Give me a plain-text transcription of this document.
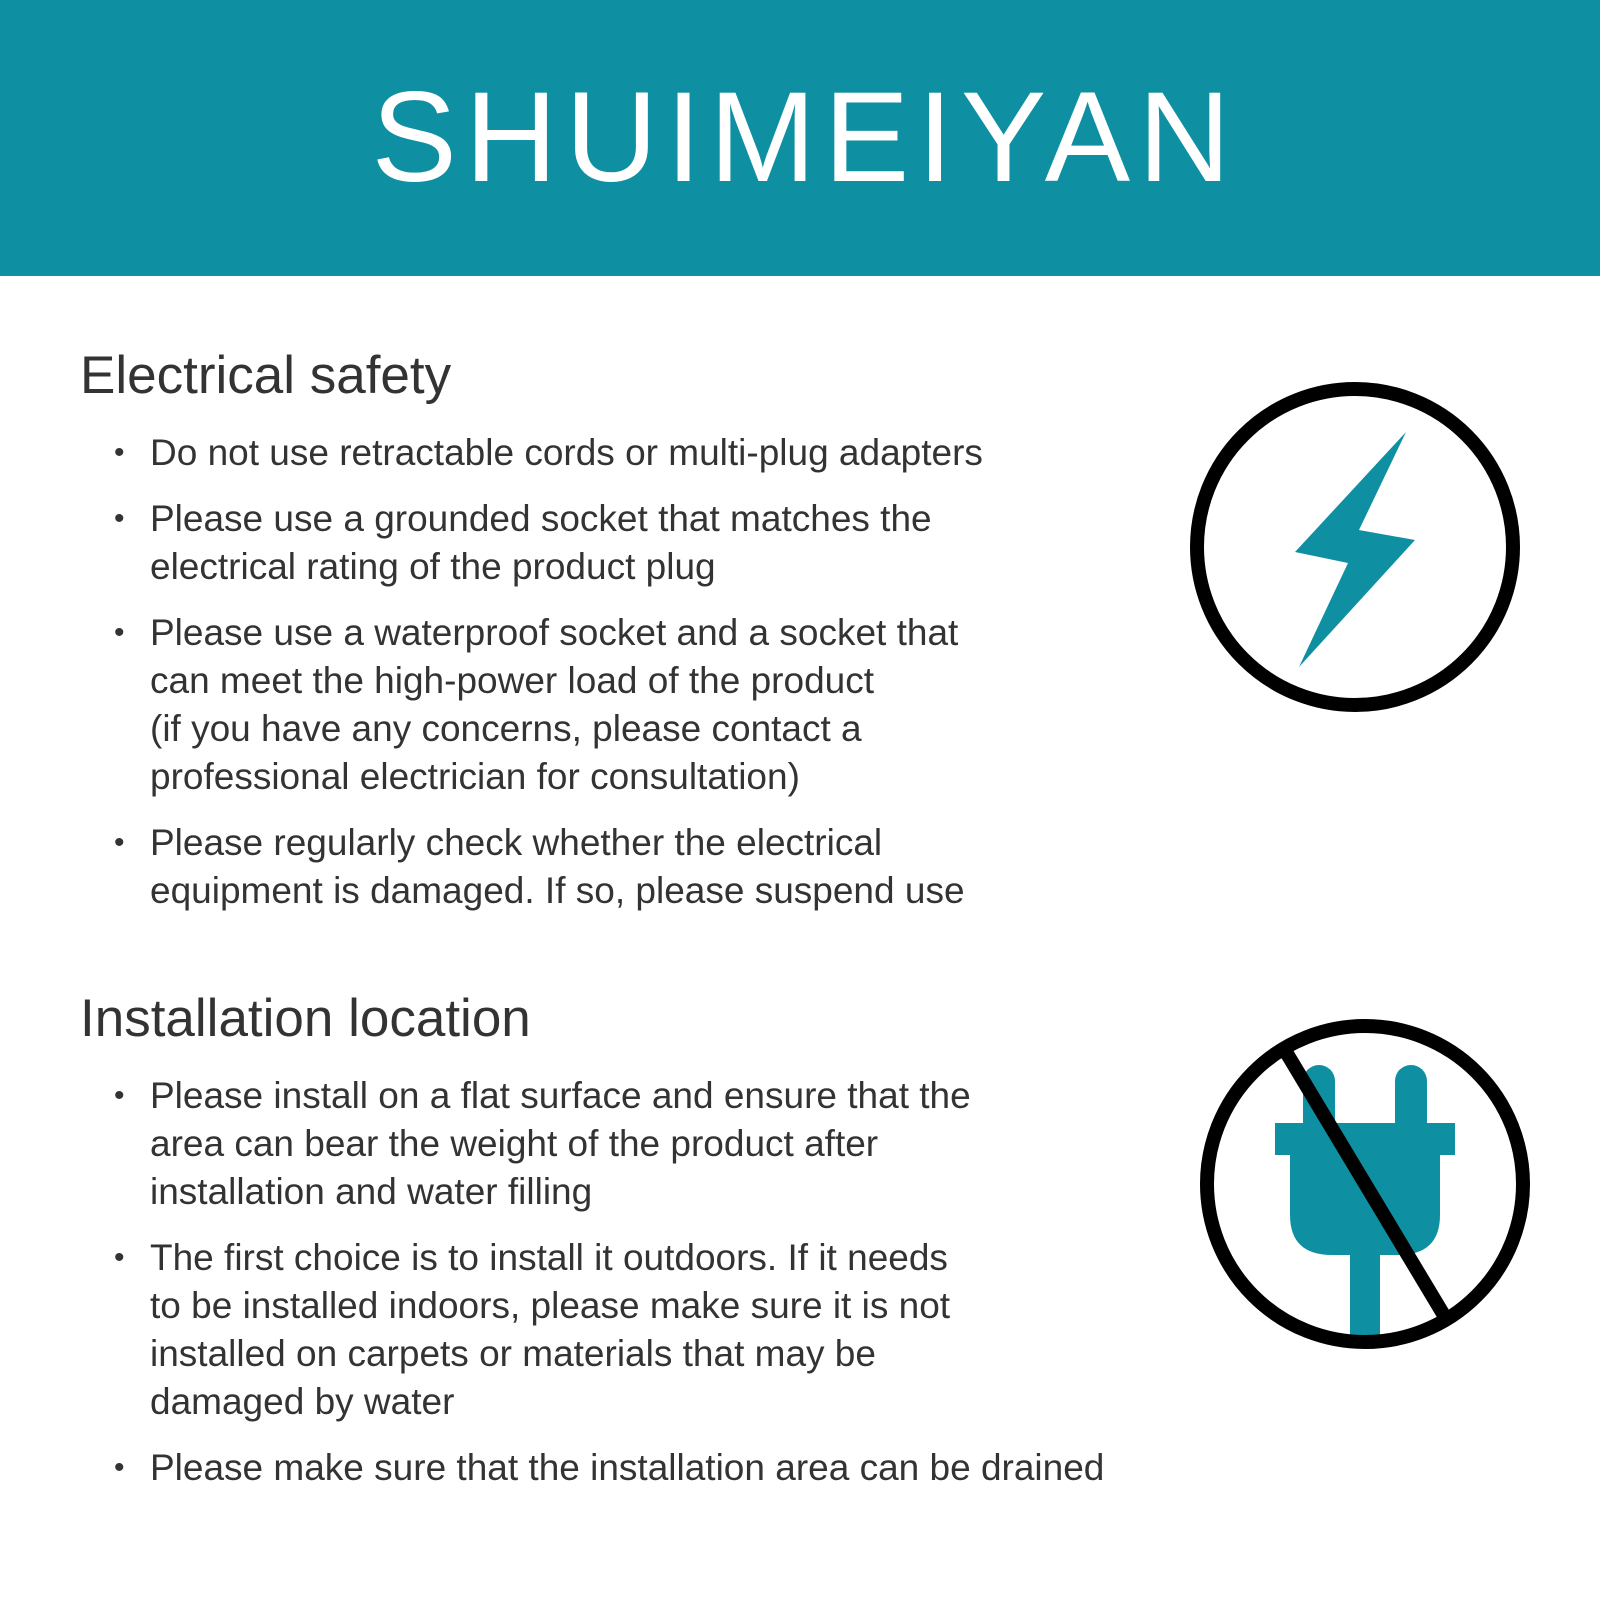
SHUIMEIYAN
Electrical safety
• Do not use retractable cords or multi-plug adapters
• Please use a grounded socket that matches the
electrical rating of the product plug
• Please use a waterproof socket and a socket that
can meet the high-power load of the product
(if you have any concerns, please contact a
professional electrician for consultation)
• Please regularly check whether the electrical
equipment is damaged. If so, please suspend use
Installation location
• Please install on a flat surface and ensure that the
area can bear the weight of the product after
installation and water filling
• The first choice is to install it outdoors. If it needs
to be installed indoors, please make sure it is not
installed on carpets or materials that may be
damaged by water
• Please make sure that the installation area can be drained
